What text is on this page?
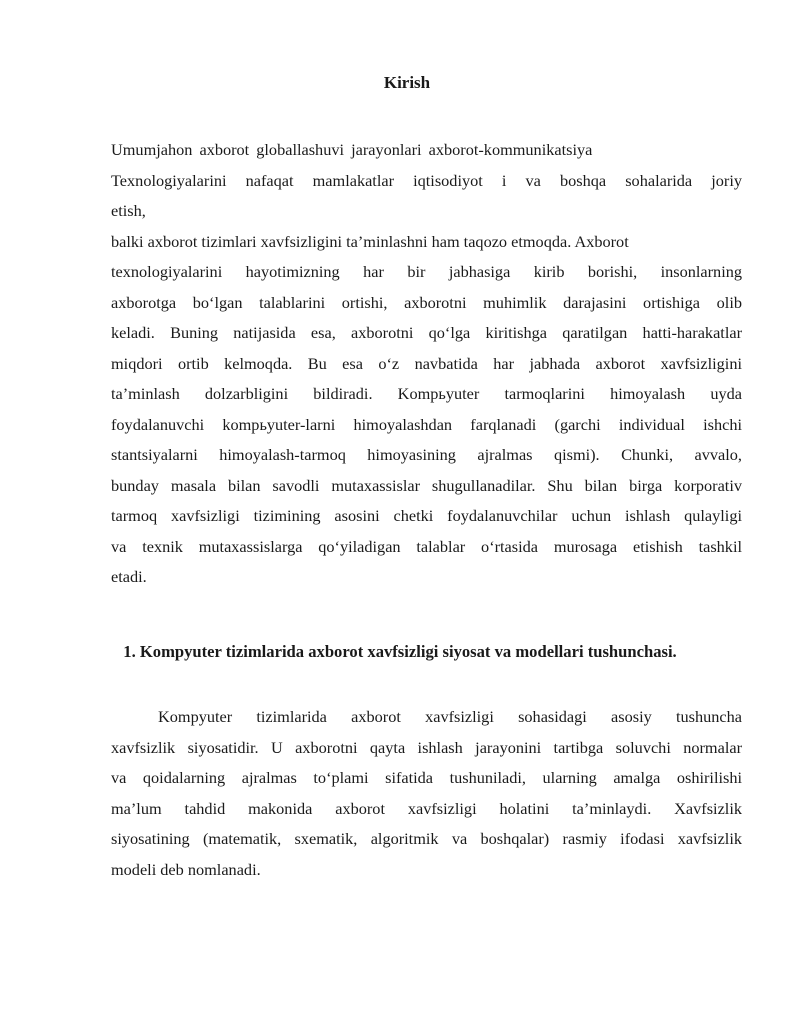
Kirish
Umumjahon axborot globallashuvi jarayonlari axborot-kommunikatsiya
Texnologiyalarini nafaqat mamlakatlar iqtisodiyot i va boshqa sohalarida joriy
etish,
balki axborot tizimlari xavfsizligini ta’minlashni ham taqozo etmoqda. Axborot
texnologiyalarini hayotimizning har bir jabhasiga kirib borishi, insonlarning
axborotga bo‘lgan talablarini ortishi, axborotni muhimlik darajasini ortishiga olib
keladi. Buning natijasida esa, axborotni qo‘lga kiritishga qaratilgan hatti-harakatlar
miqdori ortib kelmoqda. Bu esa o‘z navbatida har jabhada axborot xavfsizligini
ta’minlash dolzarbligini bildiradi. Kompьyuter tarmoqlarini himoyalash uyda
foydalanuvchi kompьyuter-larni himoyalashdan farqlanadi (garchi individual ishchi
stantsiyalarni himoyalash-tarmoq himoyasining ajralmas qismi). Chunki, avvalo,
bunday masala bilan savodli mutaxassislar shugullanadilar. Shu bilan birga korporativ
tarmoq xavfsizligi tizimining asosini chetki foydalanuvchilar uchun ishlash qulayligi
va texnik mutaxassislarga qo‘yiladigan talablar o‘rtasida murosaga etishish tashkil
etadi.
1. Kompyuter tizimlarida axborot xavfsizligi siyosat va modellari tushunchasi.
Kompyuter tizimlarida axborot xavfsizligi sohasidagi asosiy tushuncha
xavfsizlik siyosatidir. U axborotni qayta ishlash jarayonini tartibga soluvchi normalar
va qoidalarning ajralmas to‘plami sifatida tushuniladi, ularning amalga oshirilishi
ma’lum tahdid makonida axborot xavfsizligi holatini ta’minlaydi. Xavfsizlik
siyosatining (matematik, sxematik, algoritmik va boshqalar) rasmiy ifodasi xavfsizlik
modeli deb nomlanadi.
